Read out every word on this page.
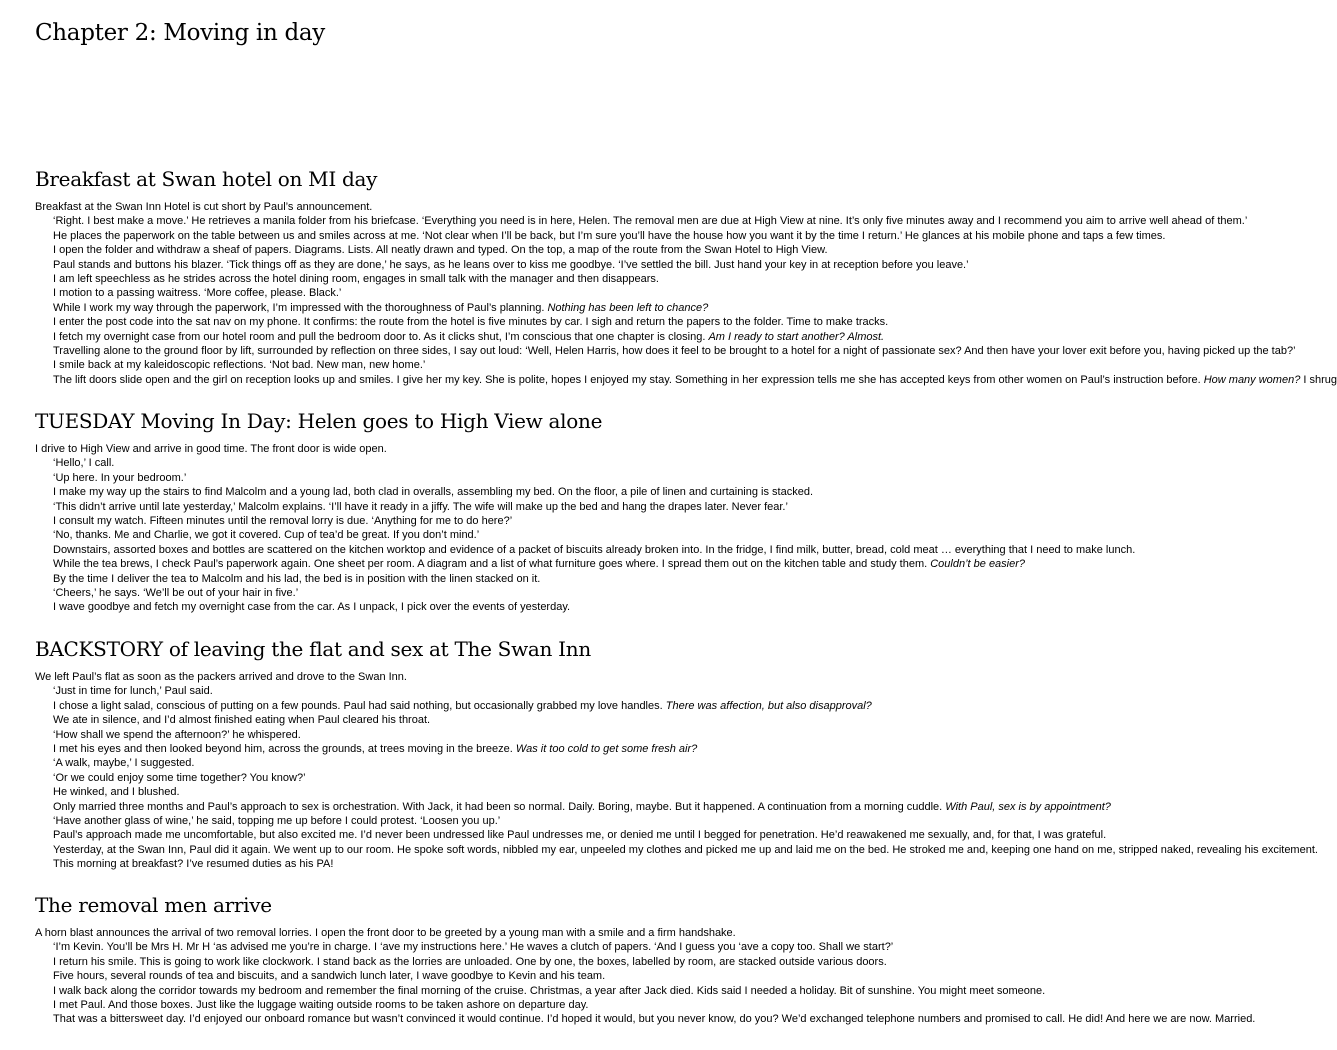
Chapter 2: Moving in day
Breakfast at Swan hotel on MI day
Breakfast at the Swan Inn Hotel is cut short by Paul’s announcement.
‘Right. I best make a move.’ He retrieves a manila folder from his briefcase. ‘Everything you need is in here, Helen. The removal men are due at High View at nine. It’s only five minutes away and I recommend you aim to arrive well ahead of them.’
He places the paperwork on the table between us and smiles across at me. ‘Not clear when I’ll be back, but I’m sure you’ll have the house how you want it by the time I return.’ He glances at his mobile phone and taps a few times.
I open the folder and withdraw a sheaf of papers. Diagrams. Lists. All neatly drawn and typed. On the top, a map of the route from the Swan Hotel to High View.
Paul stands and buttons his blazer. ‘Tick things off as they are done,’ he says, as he leans over to kiss me goodbye. ‘I’ve settled the bill. Just hand your key in at reception before you leave.’
I am left speechless as he strides across the hotel dining room, engages in small talk with the manager and then disappears.
I motion to a passing waitress. ‘More coffee, please. Black.’
While I work my way through the paperwork, I’m impressed with the thoroughness of Paul’s planning. Nothing has been left to chance?
I enter the post code into the sat nav on my phone. It confirms: the route from the hotel is five minutes by car. I sigh and return the papers to the folder. Time to make tracks.
I fetch my overnight case from our hotel room and pull the bedroom door to. As it clicks shut, I’m conscious that one chapter is closing. Am I ready to start another? Almost.
Travelling alone to the ground floor by lift, surrounded by reflection on three sides, I say out loud: ‘Well, Helen Harris, how does it feel to be brought to a hotel for a night of passionate sex? And then have your lover exit before you, having picked up the tab?’
I smile back at my kaleidoscopic reflections. ‘Not bad. New man, new home.’
The lift doors slide open and the girl on reception looks up and smiles. I give her my key. She is polite, hopes I enjoyed my stay. Something in her expression tells me she has accepted keys from other women on Paul’s instruction before. How many women? I shrug
TUESDAY Moving In Day: Helen goes to High View alone
I drive to High View and arrive in good time. The front door is wide open.
‘Hello,’ I call.
‘Up here. In your bedroom.’
I make my way up the stairs to find Malcolm and a young lad, both clad in overalls, assembling my bed. On the floor, a pile of linen and curtaining is stacked.
‘This didn’t arrive until late yesterday,’ Malcolm explains. ‘I’ll have it ready in a jiffy. The wife will make up the bed and hang the drapes later. Never fear.’
I consult my watch. Fifteen minutes until the removal lorry is due. ‘Anything for me to do here?’
‘No, thanks. Me and Charlie, we got it covered. Cup of tea’d be great. If you don’t mind.’
Downstairs, assorted boxes and bottles are scattered on the kitchen worktop and evidence of a packet of biscuits already broken into. In the fridge, I find milk, butter, bread, cold meat … everything that I need to make lunch.
While the tea brews, I check Paul’s paperwork again. One sheet per room. A diagram and a list of what furniture goes where. I spread them out on the kitchen table and study them. Couldn’t be easier?
By the time I deliver the tea to Malcolm and his lad, the bed is in position with the linen stacked on it.
‘Cheers,’ he says. ‘We’ll be out of your hair in five.’
I wave goodbye and fetch my overnight case from the car. As I unpack, I pick over the events of yesterday.
BACKSTORY of leaving the flat and sex at The Swan Inn
We left Paul’s flat as soon as the packers arrived and drove to the Swan Inn.
‘Just in time for lunch,’ Paul said.
I chose a light salad, conscious of putting on a few pounds. Paul had said nothing, but occasionally grabbed my love handles. There was affection, but also disapproval?
We ate in silence, and I’d almost finished eating when Paul cleared his throat.
‘How shall we spend the afternoon?’ he whispered.
I met his eyes and then looked beyond him, across the grounds, at trees moving in the breeze. Was it too cold to get some fresh air?
‘A walk, maybe,’ I suggested.
‘Or we could enjoy some time together? You know?’
He winked, and I blushed.
Only married three months and Paul’s approach to sex is orchestration. With Jack, it had been so normal. Daily. Boring, maybe. But it happened. A continuation from a morning cuddle. With Paul, sex is by appointment?
‘Have another glass of wine,’ he said, topping me up before I could protest. ‘Loosen you up.’
Paul’s approach made me uncomfortable, but also excited me. I’d never been undressed like Paul undresses me, or denied me until I begged for penetration. He’d reawakened me sexually, and, for that, I was grateful.
Yesterday, at the Swan Inn, Paul did it again. We went up to our room. He spoke soft words, nibbled my ear, unpeeled my clothes and picked me up and laid me on the bed. He stroked me and, keeping one hand on me, stripped naked, revealing his excitement.
This morning at breakfast? I’ve resumed duties as his PA!
The removal men arrive
A horn blast announces the arrival of two removal lorries. I open the front door to be greeted by a young man with a smile and a firm handshake.
‘I’m Kevin. You’ll be Mrs H. Mr H ‘as advised me you’re in charge. I ‘ave my instructions here.’ He waves a clutch of papers. ‘And I guess you ‘ave a copy too. Shall we start?’
I return his smile. This is going to work like clockwork. I stand back as the lorries are unloaded. One by one, the boxes, labelled by room, are stacked outside various doors.
Five hours, several rounds of tea and biscuits, and a sandwich lunch later, I wave goodbye to Kevin and his team.
I walk back along the corridor towards my bedroom and remember the final morning of the cruise. Christmas, a year after Jack died. Kids said I needed a holiday. Bit of sunshine. You might meet someone.
I met Paul. And those boxes. Just like the luggage waiting outside rooms to be taken ashore on departure day.
That was a bittersweet day. I’d enjoyed our onboard romance but wasn’t convinced it would continue. I’d hoped it would, but you never know, do you? We’d exchanged telephone numbers and promised to call. He did! And here we are now. Married.
